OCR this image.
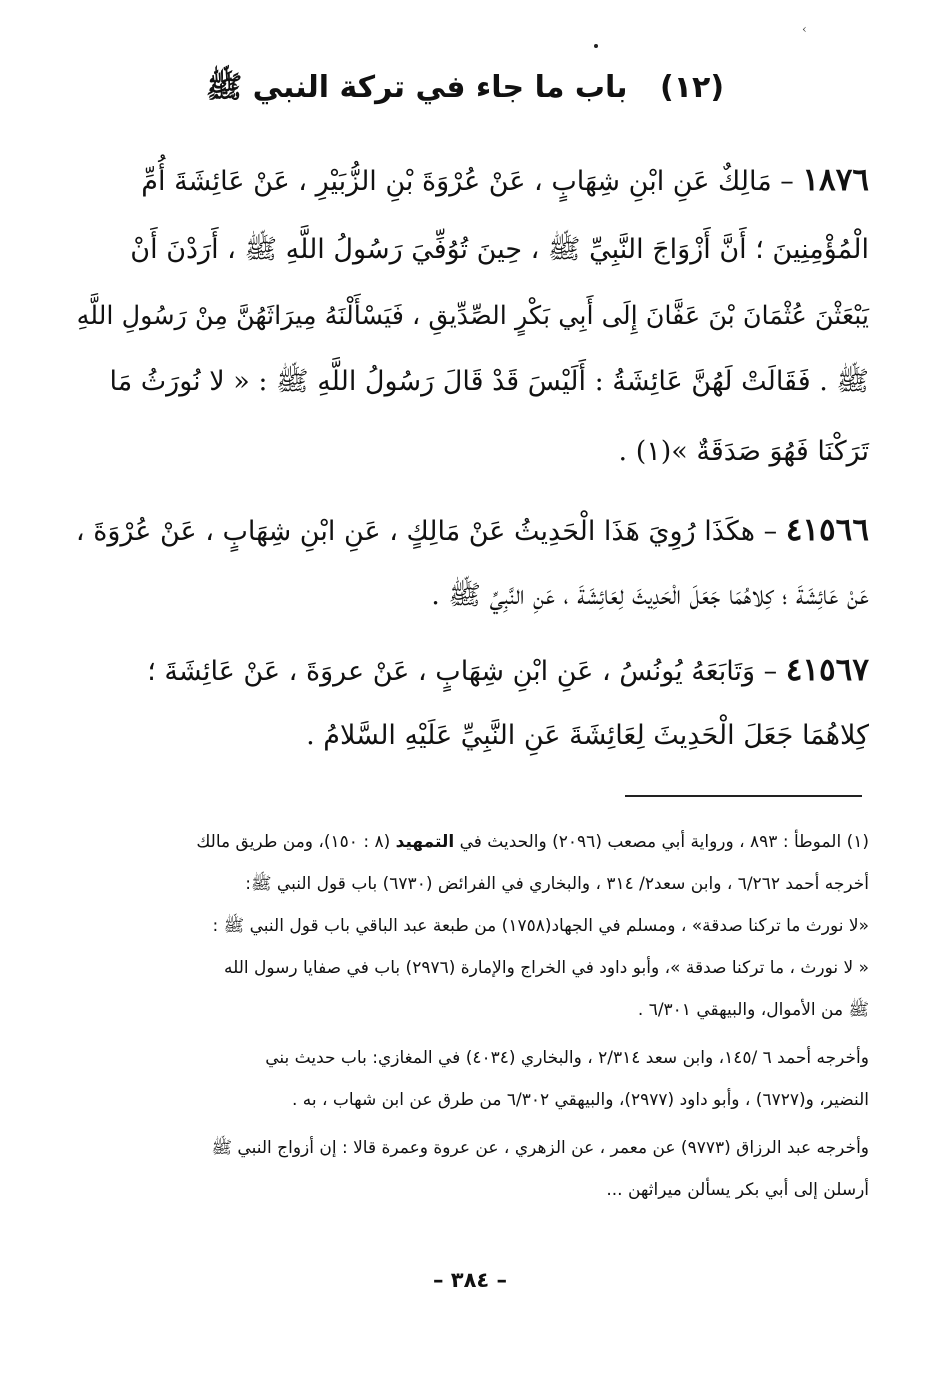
›
(١٢) باب ما جاء في تركة النبي ﷺ
١٨٧٦ – مَالِكٌ عَنِ ابْنِ شِهَابٍ ، عَنْ عُرْوَةَ بْنِ الزُّبَيْرِ ، عَنْ عَائِشَةَ أُمِّ
الْمُؤْمِنِينَ ؛ أَنَّ أَزْوَاجَ النَّبِيِّ ﷺ ، حِينَ تُوُفِّيَ رَسُولُ اللَّهِ ﷺ ، أَرَدْنَ أَنْ
يَبْعَثْنَ عُثْمَانَ بْنَ عَفَّانَ إِلَى أَبِي بَكْرٍ الصِّدِّيقِ ، فَيَسْأَلْنَهُ مِيرَاثَهُنَّ مِنْ رَسُولِ اللَّهِ
ﷺ . فَقَالَتْ لَهُنَّ عَائِشَةُ : أَلَيْسَ قَدْ قَالَ رَسُولُ اللَّهِ ﷺ : « لا نُورَثُ مَا
تَرَكْنَا فَهُوَ صَدَقَةٌ »(١) .
٤١٥٦٦ – هكَذَا رُوِيَ هَذَا الْحَدِيثُ عَنْ مَالِكٍ ، عَنِ ابْنِ شِهَابٍ ، عَنْ عُرْوَةَ ،
عَنْ عَائِشَةَ ؛ كِلاهُمَا جَعَلَ الْحَدِيثَ لِعَائِشَةَ ، عَنِ النَّبِيِّ ﷺ .
٤١٥٦٧ – وَتَابَعَهُ يُونُسُ ، عَنِ ابْنِ شِهَابٍ ، عَنْ عروَةَ ، عَنْ عَائِشَةَ ؛
كِلاهُمَا جَعَلَ الْحَدِيثَ لِعَائِشَةَ عَنِ النَّبِيِّ عَلَيْهِ السَّلامُ .
(١) الموطأ : ٨٩٣ ، ورواية أبي مصعب (٢٠٩٦) والحديث في التمهيد (٨ : ١٥٠)، ومن طريق مالك
أخرجه أحمد ٦/٢٦٢ ، وابن سعد٢/ ٣١٤ ، والبخاري في الفرائض (٦٧٣٠) باب قول النبي ﷺ:
«لا نورث ما تركنا صدقة» ، ومسلم في الجهاد(١٧٥٨) من طبعة عبد الباقي باب قول النبي ﷺ :
« لا نورث ، ما تركنا صدقة »، وأبو داود في الخراج والإمارة (٢٩٧٦) باب في صفايا رسول الله
ﷺ من الأموال، والبيهقي ٦/٣٠١ .
وأخرجه أحمد ٦ /١٤٥، وابن سعد ٢/٣١٤ ، والبخاري (٤٠٣٤) في المغازي: باب حديث بني
النضير، و(٦٧٢٧) ، وأبو داود (٢٩٧٧)، والبيهقي ٦/٣٠٢ من طرق عن ابن شهاب ، به .
وأخرجه عبد الرزاق (٩٧٧٣) عن معمر ، عن الزهري ، عن عروة وعمرة قالا : إن أزواج النبي ﷺ
أرسلن إلى أبي بكر يسألن ميراثهن ...
– ٣٨٤ –
